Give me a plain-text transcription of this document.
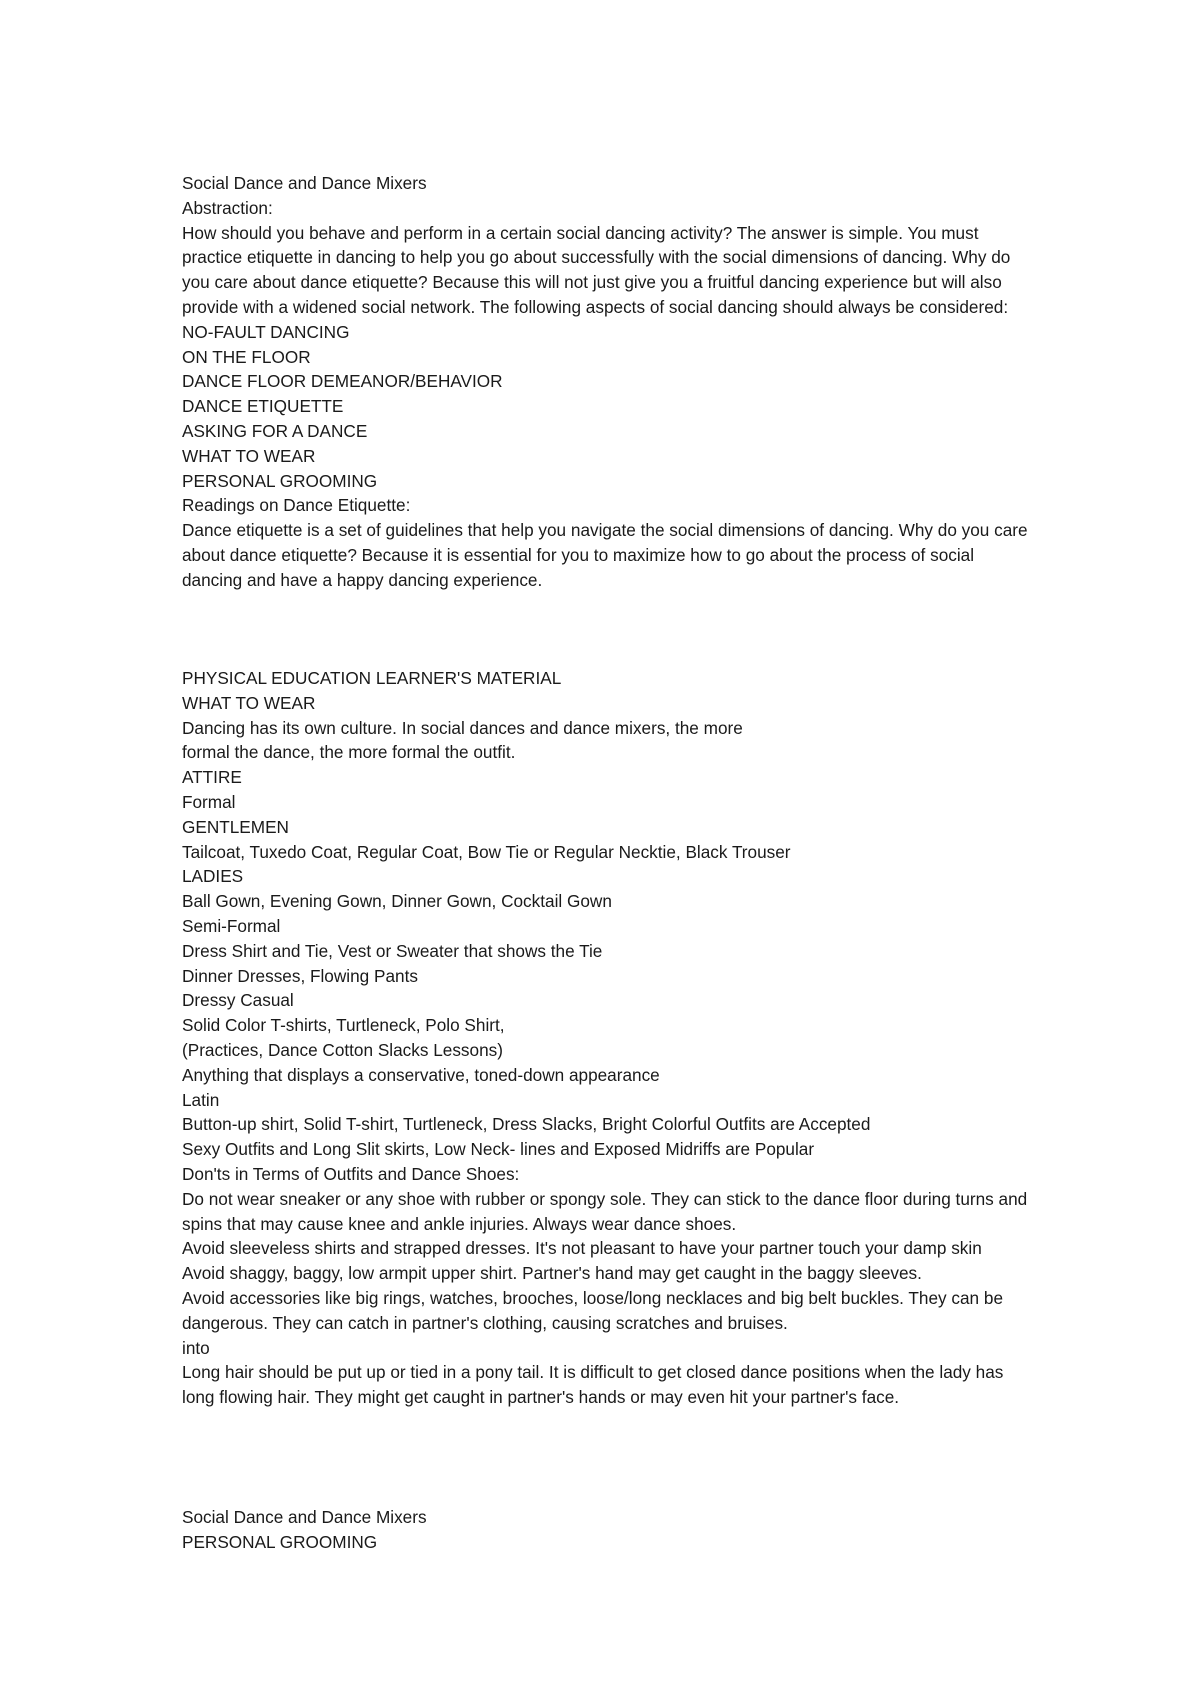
Social Dance and Dance Mixers

Abstraction:

How should you behave and perform in a certain social dancing activity? The answer is simple. You must practice etiquette in dancing to help you go about successfully with the social dimensions of dancing. Why do you care about dance etiquette? Because this will not just give you a fruitful dancing experience but will also provide with a widened social network. The following aspects of social dancing should always be considered:

NO-FAULT DANCING

ON THE FLOOR

DANCE FLOOR DEMEANOR/BEHAVIOR

DANCE ETIQUETTE

ASKING FOR A DANCE

WHAT TO WEAR

PERSONAL GROOMING

Readings on Dance Etiquette:

Dance etiquette is a set of guidelines that help you navigate the social dimensions of dancing. Why do you care about dance etiquette? Because it is essential for you to maximize how to go about the process of social dancing and have a happy dancing experience.

PHYSICAL EDUCATION LEARNER'S MATERIAL

WHAT TO WEAR

Dancing has its own culture. In social dances and dance mixers, the more

formal the dance, the more formal the outfit.

ATTIRE

Formal

GENTLEMEN

Tailcoat, Tuxedo Coat, Regular Coat, Bow Tie or Regular Necktie, Black Trouser

LADIES

Ball Gown, Evening Gown, Dinner Gown, Cocktail Gown

Semi-Formal

Dress Shirt and Tie, Vest or Sweater that shows the Tie

Dinner Dresses, Flowing Pants

Dressy Casual

Solid Color T-shirts, Turtleneck, Polo Shirt,

(Practices, Dance Cotton Slacks Lessons)

Anything that displays a conservative, toned-down appearance

Latin

Button-up shirt, Solid T-shirt, Turtleneck, Dress Slacks, Bright Colorful Outfits are Accepted

Sexy Outfits and Long Slit skirts, Low Neck- lines and Exposed Midriffs are Popular

Don'ts in Terms of Outfits and Dance Shoes:

Do not wear sneaker or any shoe with rubber or spongy sole. They can stick to the dance floor during turns and spins that may cause knee and ankle injuries. Always wear dance shoes.

Avoid sleeveless shirts and strapped dresses. It's not pleasant to have your partner touch your damp skin

Avoid shaggy, baggy, low armpit upper shirt. Partner's hand may get caught in the baggy sleeves.

Avoid accessories like big rings, watches, brooches, loose/long necklaces and big belt buckles. They can be dangerous. They can catch in partner's clothing, causing scratches and bruises.

into

Long hair should be put up or tied in a pony tail. It is difficult to get closed dance positions when the lady has long flowing hair. They might get caught in partner's hands or may even hit your partner's face.

Social Dance and Dance Mixers

PERSONAL GROOMING
